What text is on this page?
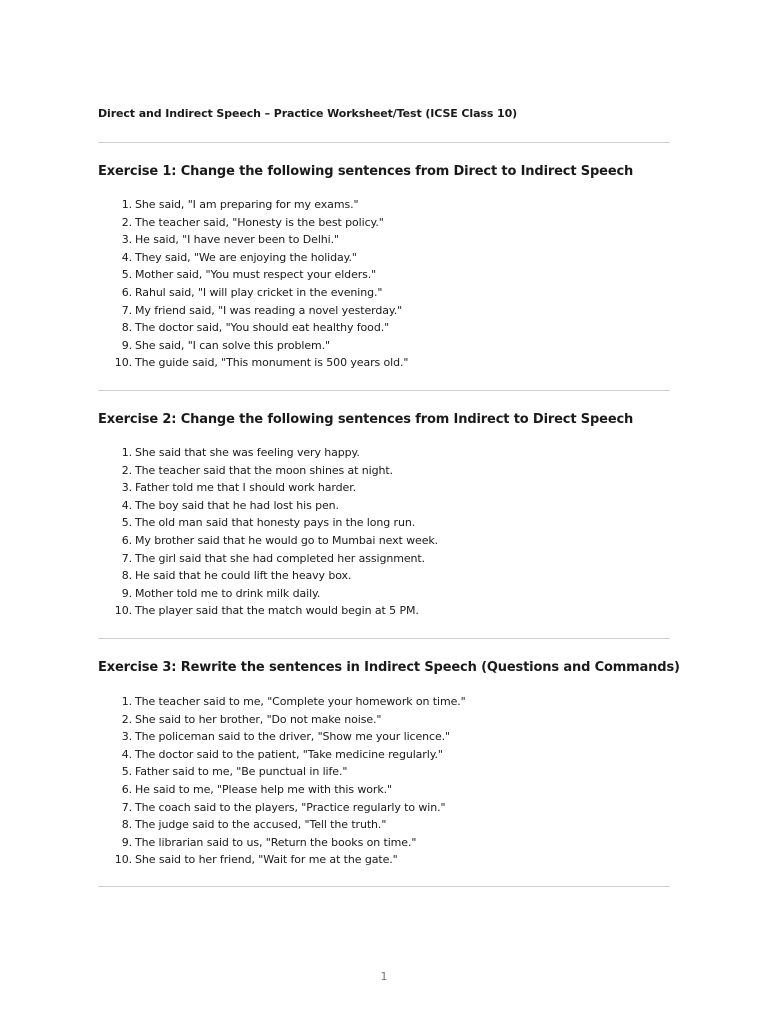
Direct and Indirect Speech – Practice Worksheet/Test (ICSE Class 10)
Exercise 1: Change the following sentences from Direct to Indirect Speech
1. She said, "I am preparing for my exams."
2. The teacher said, "Honesty is the best policy."
3. He said, "I have never been to Delhi."
4. They said, "We are enjoying the holiday."
5. Mother said, "You must respect your elders."
6. Rahul said, "I will play cricket in the evening."
7. My friend said, "I was reading a novel yesterday."
8. The doctor said, "You should eat healthy food."
9. She said, "I can solve this problem."
10. The guide said, "This monument is 500 years old."
Exercise 2: Change the following sentences from Indirect to Direct Speech
1. She said that she was feeling very happy.
2. The teacher said that the moon shines at night.
3. Father told me that I should work harder.
4. The boy said that he had lost his pen.
5. The old man said that honesty pays in the long run.
6. My brother said that he would go to Mumbai next week.
7. The girl said that she had completed her assignment.
8. He said that he could lift the heavy box.
9. Mother told me to drink milk daily.
10. The player said that the match would begin at 5 PM.
Exercise 3: Rewrite the sentences in Indirect Speech (Questions and Commands)
1. The teacher said to me, "Complete your homework on time."
2. She said to her brother, "Do not make noise."
3. The policeman said to the driver, "Show me your licence."
4. The doctor said to the patient, "Take medicine regularly."
5. Father said to me, "Be punctual in life."
6. He said to me, "Please help me with this work."
7. The coach said to the players, "Practice regularly to win."
8. The judge said to the accused, "Tell the truth."
9. The librarian said to us, "Return the books on time."
10. She said to her friend, "Wait for me at the gate."
1
